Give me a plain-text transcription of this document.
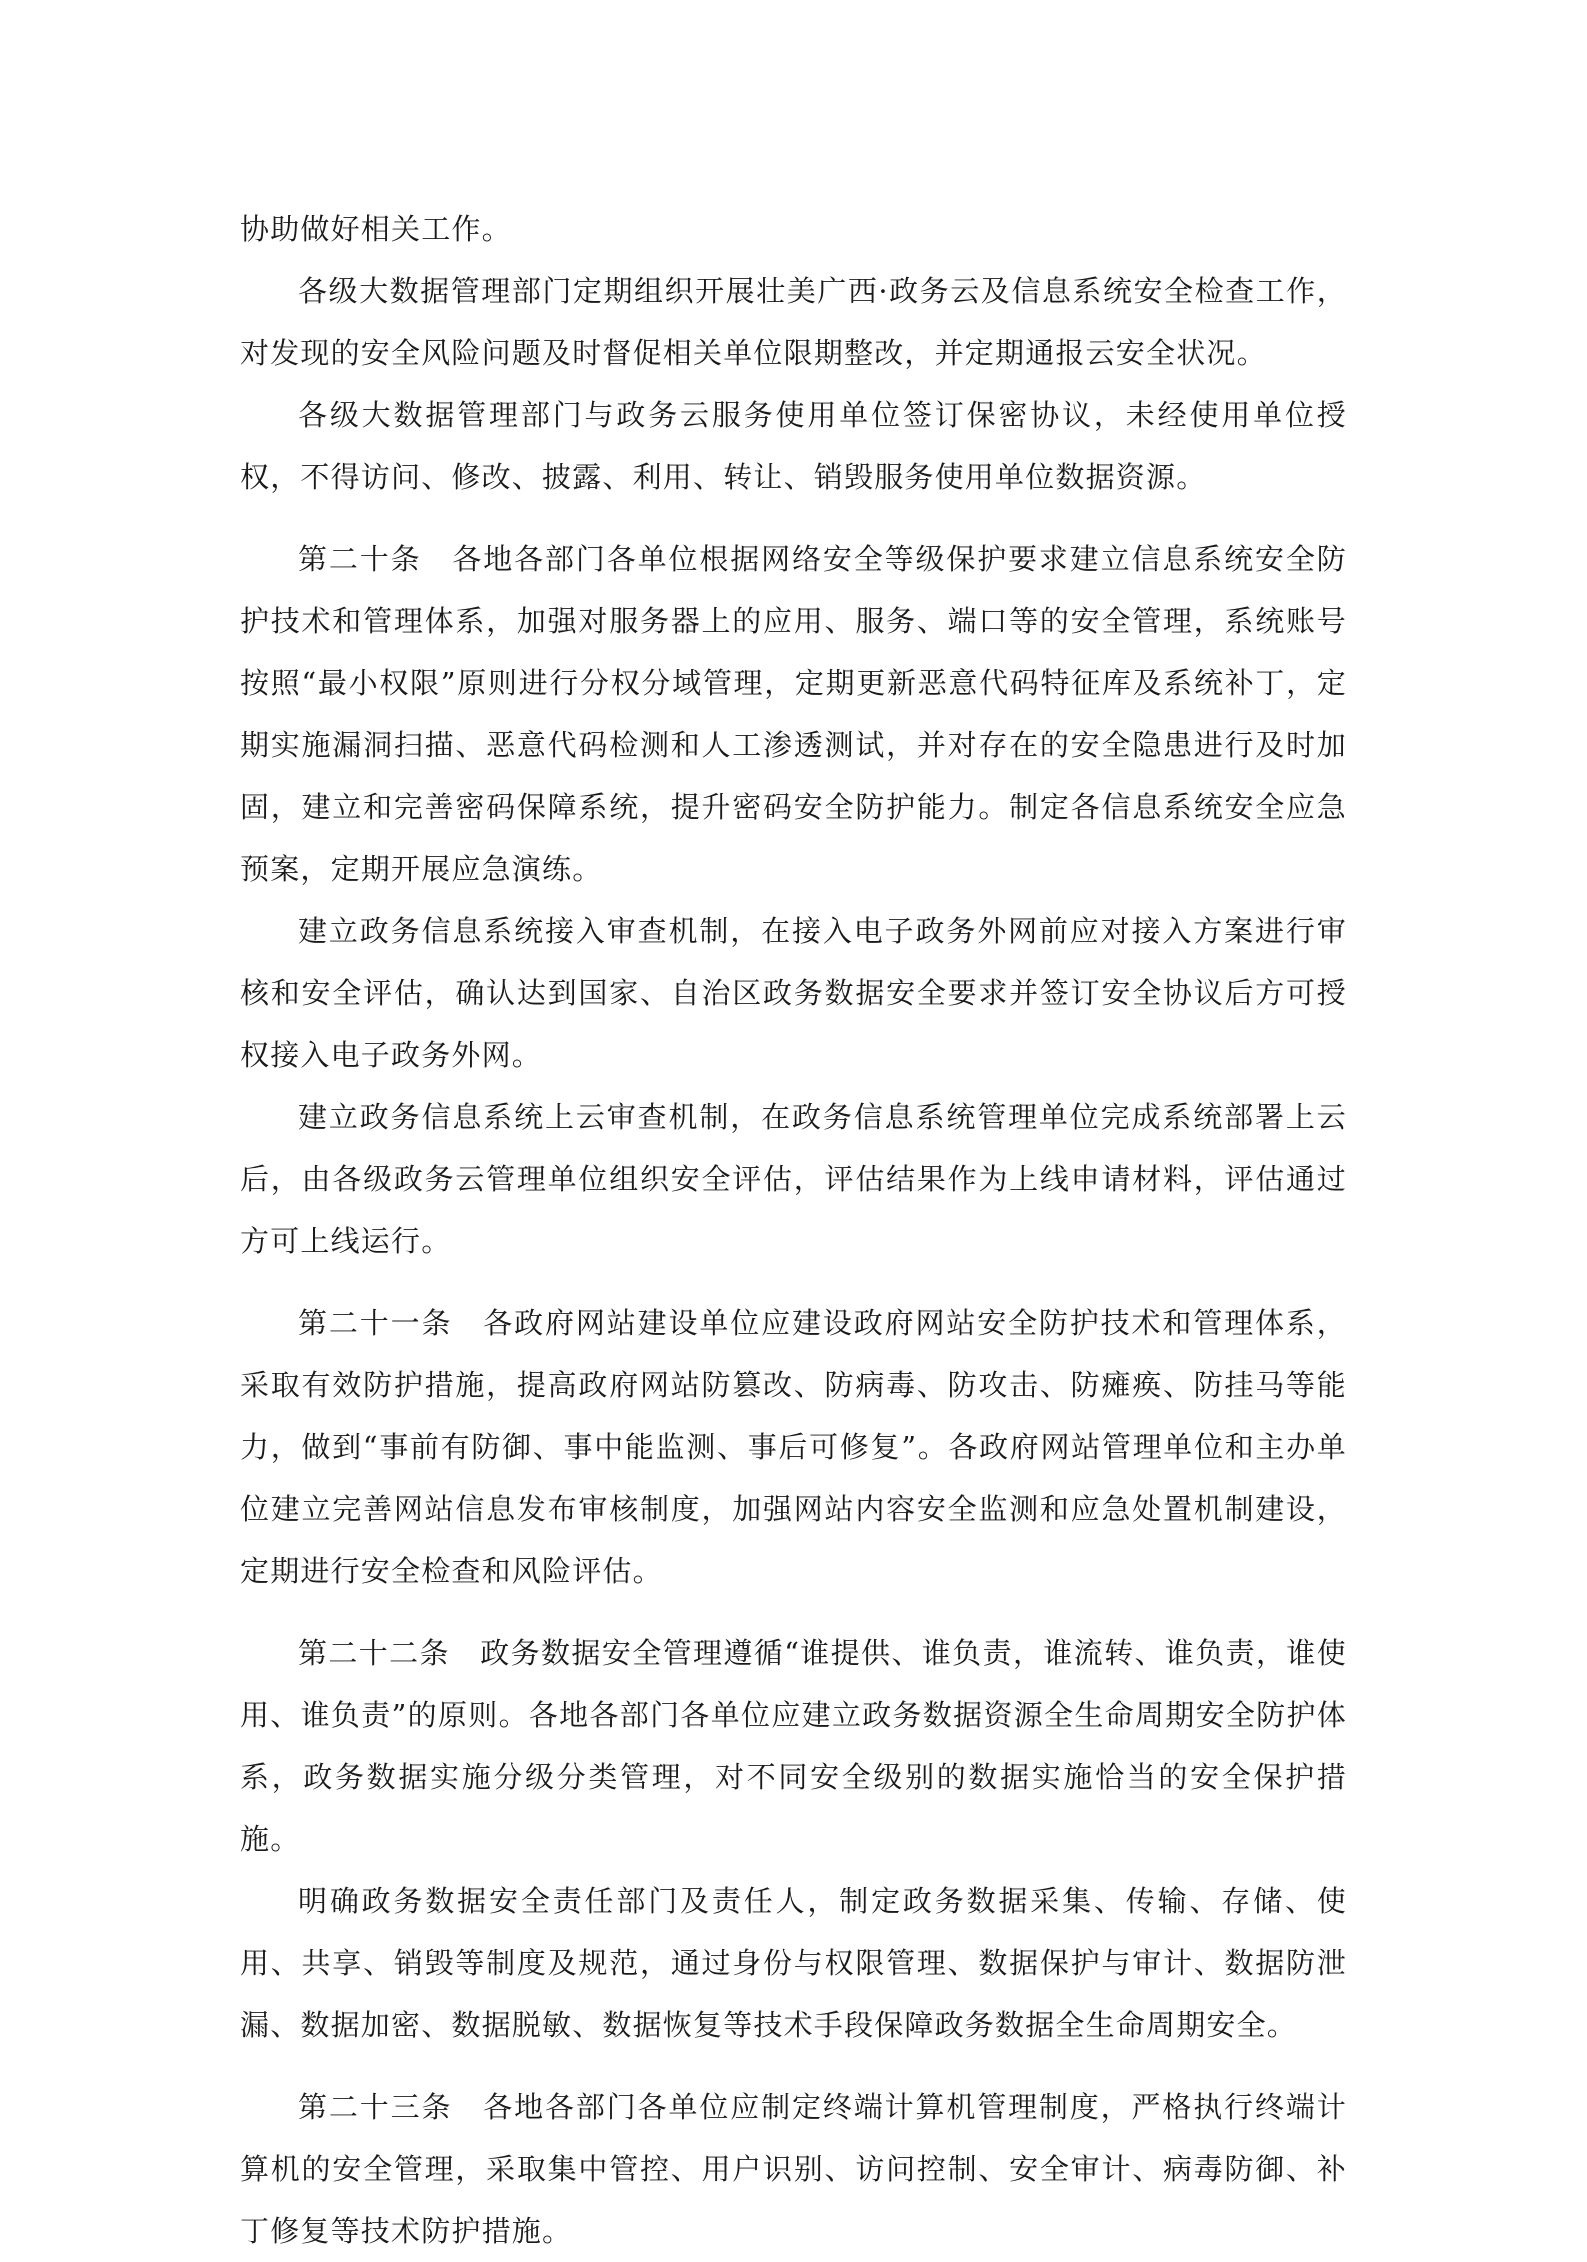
协助做好相关工作。

各级大数据管理部门定期组织开展壮美广西·政务云及信息系统安全检查工作，对发现的安全风险问题及时督促相关单位限期整改，并定期通报云安全状况。

各级大数据管理部门与政务云服务使用单位签订保密协议，未经使用单位授权，不得访问、修改、披露、利用、转让、销毁服务使用单位数据资源。

第二十条　各地各部门各单位根据网络安全等级保护要求建立信息系统安全防护技术和管理体系，加强对服务器上的应用、服务、端口等的安全管理，系统账号按照“最小权限”原则进行分权分域管理，定期更新恶意代码特征库及系统补丁，定期实施漏洞扫描、恶意代码检测和人工渗透测试，并对存在的安全隐患进行及时加固，建立和完善密码保障系统，提升密码安全防护能力。制定各信息系统安全应急预案，定期开展应急演练。

建立政务信息系统接入审查机制，在接入电子政务外网前应对接入方案进行审核和安全评估，确认达到国家、自治区政务数据安全要求并签订安全协议后方可授权接入电子政务外网。

建立政务信息系统上云审查机制，在政务信息系统管理单位完成系统部署上云后，由各级政务云管理单位组织安全评估，评估结果作为上线申请材料，评估通过方可上线运行。

第二十一条　各政府网站建设单位应建设政府网站安全防护技术和管理体系，采取有效防护措施，提高政府网站防篡改、防病毒、防攻击、防瘫痪、防挂马等能力，做到“事前有防御、事中能监测、事后可修复”。各政府网站管理单位和主办单位建立完善网站信息发布审核制度，加强网站内容安全监测和应急处置机制建设，定期进行安全检查和风险评估。

第二十二条　政务数据安全管理遵循“谁提供、谁负责，谁流转、谁负责，谁使用、谁负责”的原则。各地各部门各单位应建立政务数据资源全生命周期安全防护体系，政务数据实施分级分类管理，对不同安全级别的数据实施恰当的安全保护措施。

明确政务数据安全责任部门及责任人，制定政务数据采集、传输、存储、使用、共享、销毁等制度及规范，通过身份与权限管理、数据保护与审计、数据防泄漏、数据加密、数据脱敏、数据恢复等技术手段保障政务数据全生命周期安全。

第二十三条　各地各部门各单位应制定终端计算机管理制度，严格执行终端计算机的安全管理，采取集中管控、用户识别、访问控制、安全审计、病毒防御、补丁修复等技术防护措施。
